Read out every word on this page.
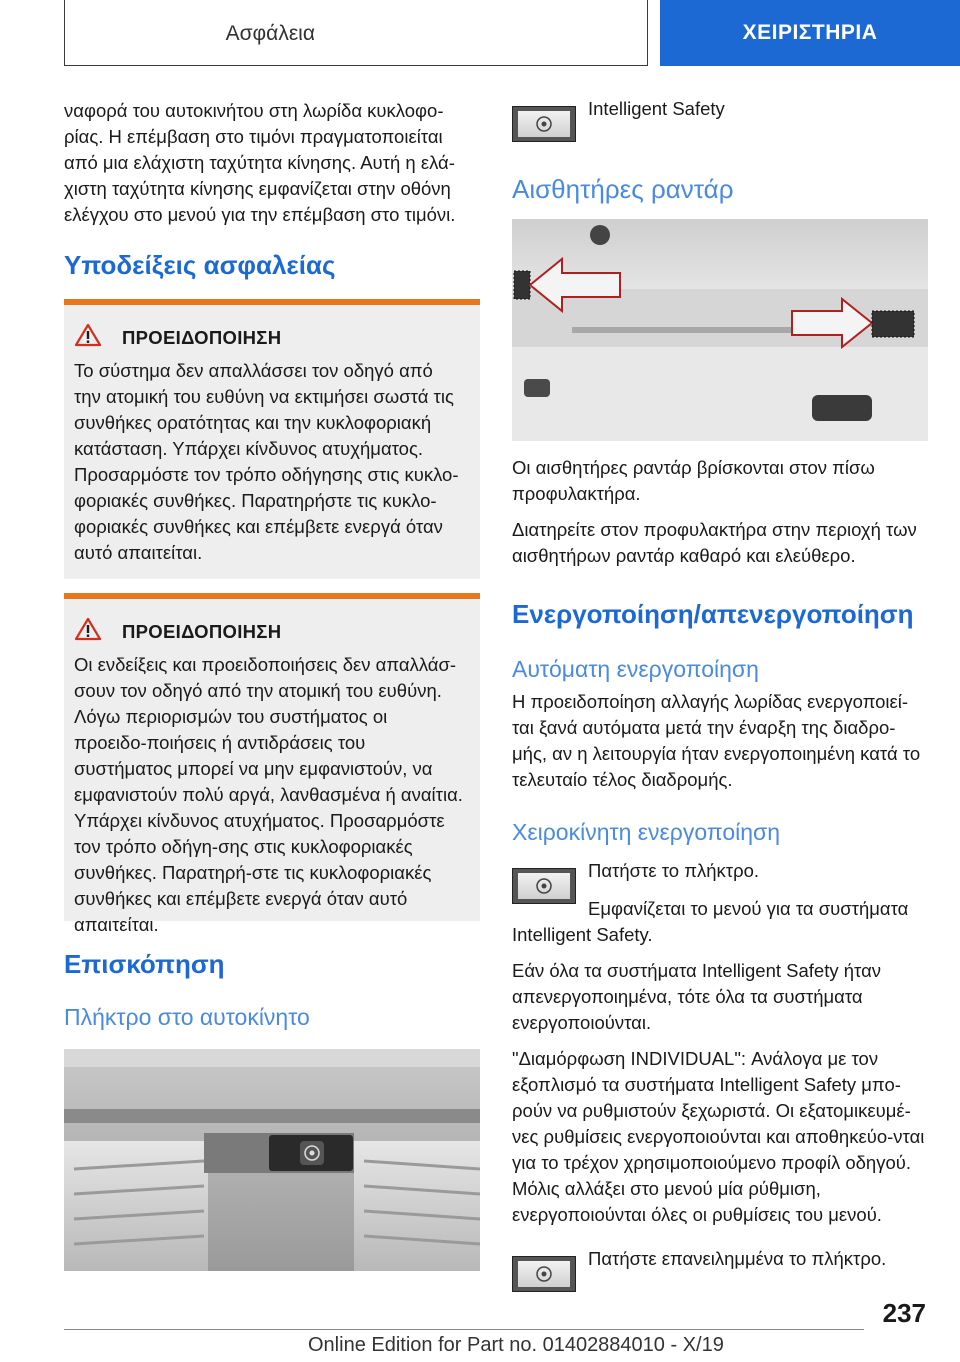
Ασφάλεια	ΧΕΙΡΙΣΤΗΡΙΑ

ναφορά του αυτοκινήτου στη λωρίδα κυκλοφο-ρίας. Η επέμβαση στο τιμόνι πραγματοποιείται από μια ελάχιστη ταχύτητα κίνησης. Αυτή η ελά-χιστη ταχύτητα κίνησης εμφανίζεται στην οθόνη ελέγχου στο μενού για την επέμβαση στο τιμόνι.

Υποδείξεις ασφαλείας
ΠΡΟΕΙΔΟΠΟΙΗΣΗ

Το σύστημα δεν απαλλάσσει τον οδηγό από την ατομική του ευθύνη να εκτιμήσει σωστά τις συνθήκες ορατότητας και την κυκλοφοριακή κατάσταση. Υπάρχει κίνδυνος ατυχήματος. Προσαρμόστε τον τρόπο οδήγησης στις κυκλο-φοριακές συνθήκες. Παρατηρήστε τις κυκλο-φοριακές συνθήκες και επέμβετε ενεργά όταν αυτό απαιτείται.

ΠΡΟΕΙΔΟΠΟΙΗΣΗ

Οι ενδείξεις και προειδοποιήσεις δεν απαλλάσ-σουν τον οδηγό από την ατομική του ευθύνη. Λόγω περιορισμών του συστήματος οι προειδο-ποιήσεις ή αντιδράσεις του συστήματος μπορεί να μην εμφανιστούν, να εμφανιστούν πολύ αργά, λανθασμένα ή αναίτια. Υπάρχει κίνδυνος ατυχήματος. Προσαρμόστε τον τρόπο οδήγη-σης στις κυκλοφοριακές συνθήκες. Παρατηρή-στε τις κυκλοφοριακές συνθήκες και επέμβετε ενεργά όταν αυτό απαιτείται.

Επισκόπηση
Πλήκτρο στο αυτοκίνητο
Intelligent Safety
Αισθητήρες ραντάρ

Οι αισθητήρες ραντάρ βρίσκονται στον πίσω προφυλακτήρα.

Διατηρείτε στον προφυλακτήρα στην περιοχή των αισθητήρων ραντάρ καθαρό και ελεύθερο.

Ενεργοποίηση/απενεργοποίηση
Αυτόματη ενεργοποίηση

Η προειδοποίηση αλλαγής λωρίδας ενεργοποιεί-ται ξανά αυτόματα μετά την έναρξη της διαδρο-μής, αν η λειτουργία ήταν ενεργοποιημένη κατά το τελευταίο τέλος διαδρομής.

Χειροκίνητη ενεργοποίηση
Πατήστε το πλήκτρο.

Εμφανίζεται το μενού για τα συστήματα Intelligent Safety.

Εάν όλα τα συστήματα Intelligent Safety ήταν απενεργοποιημένα, τότε όλα τα συστήματα ενεργοποιούνται.

"Διαμόρφωση INDIVIDUAL": Ανάλογα με τον εξοπλισμό τα συστήματα Intelligent Safety μπο-ρούν να ρυθμιστούν ξεχωριστά. Οι εξατομικευμέ-νες ρυθμίσεις ενεργοποιούνται και αποθηκεύο-νται για το τρέχον χρησιμοποιούμενο προφίλ οδηγού. Μόλις αλλάξει στο μενού μία ρύθμιση, ενεργοποιούνται όλες οι ρυθμίσεις του μενού.

Πατήστε επανειλημμένα το πλήκτρο.
237
Online Edition for Part no. 01402884010 - X/19
